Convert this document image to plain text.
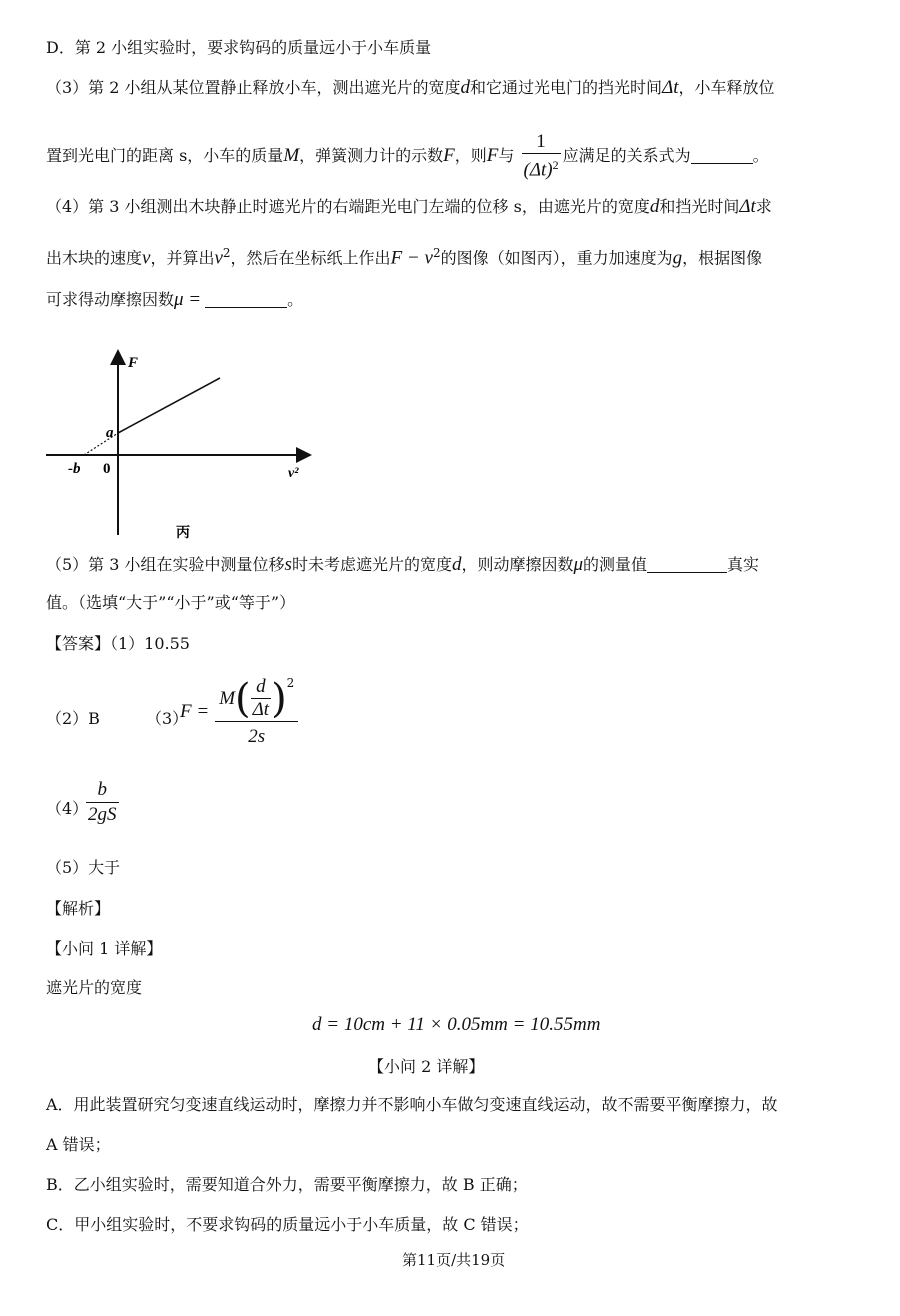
D．第 2 小组实验时，要求钩码的质量远小于小车质量
（3）第 2 小组从某位置静止释放小车，测出遮光片的宽度d和它通过光电门的挡光时间Δt，小车释放位
置到光电门的距离 s，小车的质量M，弹簧测力计的示数F，则F与 $\frac{1}{(\Delta t)^2}$ 应满足的关系式为	。
（4）第 3 小组测出木块静止时遮光片的右端距光电门左端的位移 s，由遮光片的宽度d和挡光时间Δt求
出木块的速度v，并算出$v^2$，然后在坐标纸上作出$F - v^2$的图像（如图丙），重力加速度为g，根据图像
可求得动摩擦因数μ =	。
F
v²
a
-b 0
丙
（5）第 3 小组在实验中测量位移s时未考虑遮光片的宽度d，则动摩擦因数μ的测量值	真实
值。（选填“大于”“小于”或“等于”）
【答案】（1）10.55
（2）B	（3）
F =
M ( $\frac{d}{\Delta t} )^2$
2s
（4）
$\frac{b}{2gS}$
（5）大于
【解析】
【小问 1 详解】
遮光片的宽度
d = 10cm + 11 × 0.05mm = 10.55mm
【小问 2 详解】
A．用此装置研究匀变速直线运动时，摩擦力并不影响小车做匀变速直线运动，故不需要平衡摩擦力，故
A 错误；
B．乙小组实验时，需要知道合外力，需要平衡摩擦力，故 B 正确；
C．甲小组实验时，不要求钩码的质量远小于小车质量，故 C 错误；
第11页/共19页
